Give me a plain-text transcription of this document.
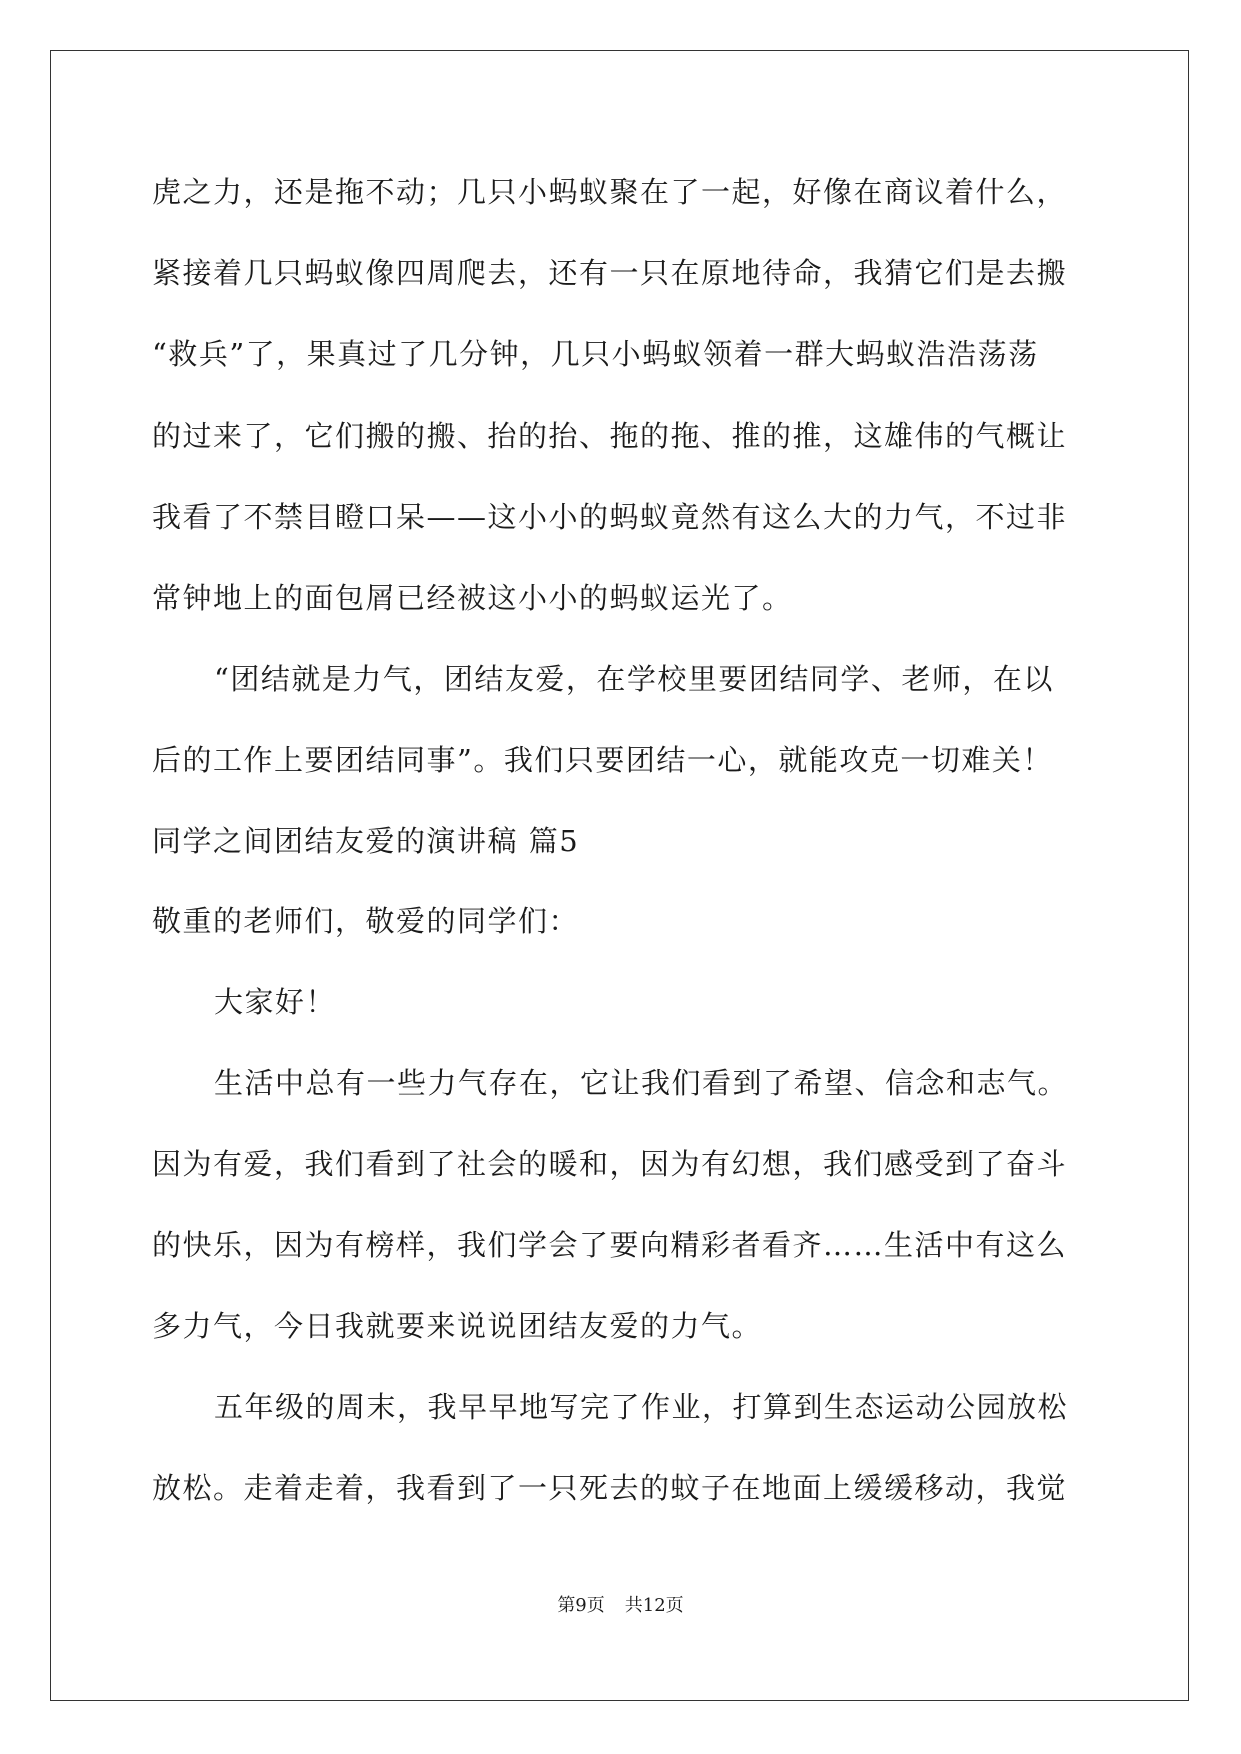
虎之力，还是拖不动；几只小蚂蚁聚在了一起，好像在商议着什么，
紧接着几只蚂蚁像四周爬去，还有一只在原地待命，我猜它们是去搬
“救兵”了，果真过了几分钟，几只小蚂蚁领着一群大蚂蚁浩浩荡荡
的过来了，它们搬的搬、抬的抬、拖的拖、推的推，这雄伟的气概让
我看了不禁目瞪口呆——这小小的蚂蚁竟然有这么大的力气，不过非
常钟地上的面包屑已经被这小小的蚂蚁运光了。
“团结就是力气，团结友爱，在学校里要团结同学、老师，在以
后的工作上要团结同事”。我们只要团结一心，就能攻克一切难关！
同学之间团结友爱的演讲稿 篇5
敬重的老师们，敬爱的同学们：
大家好！
生活中总有一些力气存在，它让我们看到了希望、信念和志气。
因为有爱，我们看到了社会的暖和，因为有幻想，我们感受到了奋斗
的快乐，因为有榜样，我们学会了要向精彩者看齐……生活中有这么
多力气，今日我就要来说说团结友爱的力气。
五年级的周末，我早早地写完了作业，打算到生态运动公园放松
放松。走着走着，我看到了一只死去的蚊子在地面上缓缓移动，我觉
第9页 共12页
